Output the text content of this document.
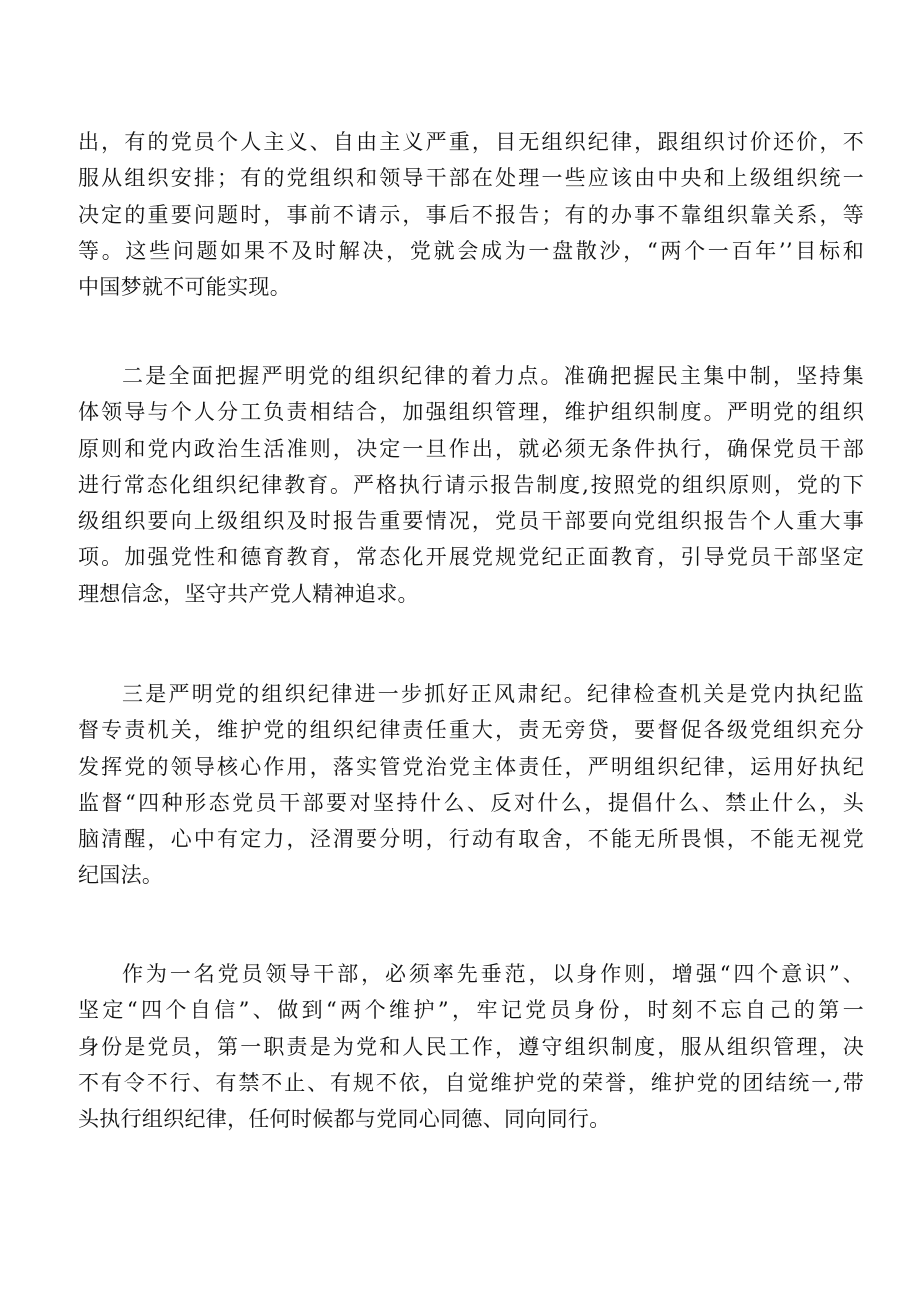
出，有的党员个人主义、自由主义严重，目无组织纪律，跟组织讨价还价，不
服从组织安排；有的党组织和领导干部在处理一些应该由中央和上级组织统一
决定的重要问题时，事前不请示，事后不报告；有的办事不靠组织靠关系，等
等。这些问题如果不及时解决，党就会成为一盘散沙，“两个一百年’’目标和
中国梦就不可能实现。

二是全面把握严明党的组织纪律的着力点。准确把握民主集中制，坚持集
体领导与个人分工负责相结合，加强组织管理，维护组织制度。严明党的组织
原则和党内政治生活准则，决定一旦作出，就必须无条件执行，确保党员干部
进行常态化组织纪律教育。严格执行请示报告制度,按照党的组织原则，党的下
级组织要向上级组织及时报告重要情况，党员干部要向党组织报告个人重大事
项。加强党性和德育教育，常态化开展党规党纪正面教育，引导党员干部坚定
理想信念，坚守共产党人精神追求。

三是严明党的组织纪律进一步抓好正风肃纪。纪律检查机关是党内执纪监
督专责机关，维护党的组织纪律责任重大，责无旁贷，要督促各级党组织充分
发挥党的领导核心作用，落实管党治党主体责任，严明组织纪律，运用好执纪
监督“四种形态党员干部要对坚持什么、反对什么，提倡什么、禁止什么，头
脑清醒，心中有定力，泾渭要分明，行动有取舍，不能无所畏惧，不能无视党
纪国法。

作为一名党员领导干部，必须率先垂范，以身作则，增强“四个意识”、
坚定“四个自信”、做到“两个维护”，牢记党员身份，时刻不忘自己的第一
身份是党员，第一职责是为党和人民工作，遵守组织制度，服从组织管理，决
不有令不行、有禁不止、有规不依，自觉维护党的荣誉，维护党的团结统一,带
头执行组织纪律，任何时候都与党同心同德、同向同行。
